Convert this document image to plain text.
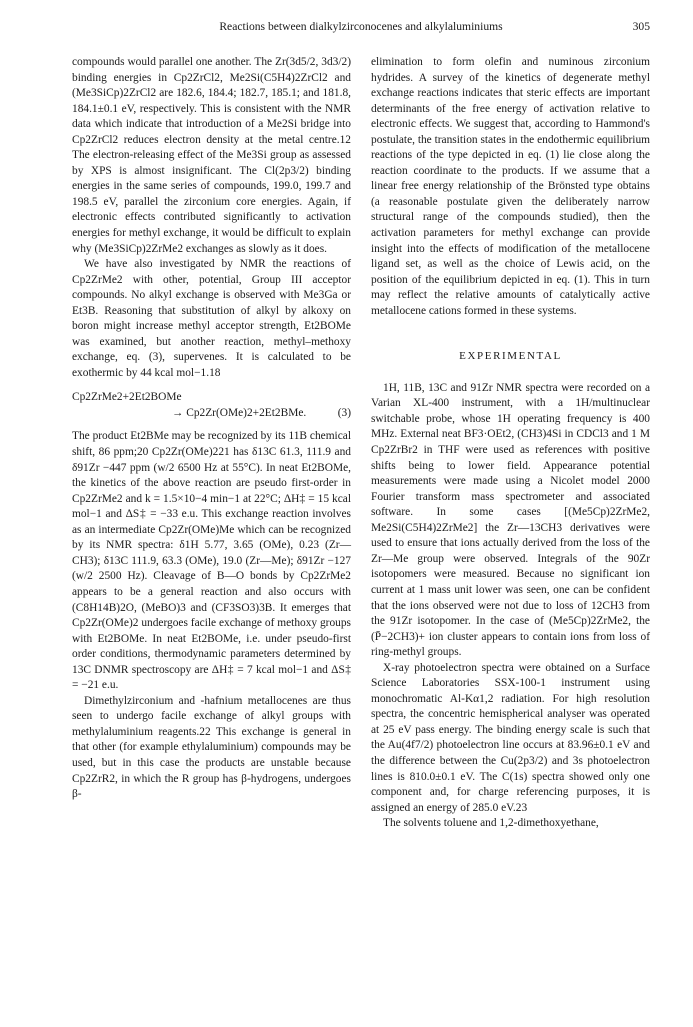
Reactions between dialkylzirconocenes and alkylaluminiums	305

compounds would parallel one another. The Zr(3d5/2, 3d3/2) binding energies in Cp2ZrCl2, Me2Si(C5H4)2ZrCl2 and (Me3SiCp)2ZrCl2 are 182.6, 184.4; 182.7, 185.1; and 181.8, 184.1±0.1 eV, respectively. This is consistent with the NMR data which indicate that introduction of a Me2Si bridge into Cp2ZrCl2 reduces electron density at the metal centre.12 The electron-releasing effect of the Me3Si group as assessed by XPS is almost insignificant. The Cl(2p3/2) binding energies in the same series of compounds, 199.0, 199.7 and 198.5 eV, parallel the zirconium core energies. Again, if electronic effects contributed significantly to activation energies for methyl exchange, it would be difficult to explain why (Me3SiCp)2ZrMe2 exchanges as slowly as it does.

We have also investigated by NMR the reactions of Cp2ZrMe2 with other, potential, Group III acceptor compounds. No alkyl exchange is observed with Me3Ga or Et3B. Reasoning that substitution of alkyl by alkoxy on boron might increase methyl acceptor strength, Et2BOMe was examined, but another reaction, methyl–methoxy exchange, eq. (3), supervenes. It is calculated to be exothermic by 44 kcal mol−1.18

Cp2ZrMe2+2Et2BOMe
→ Cp2Zr(OMe)2+2Et2BMe.	(3)

The product Et2BMe may be recognized by its 11B chemical shift, 86 ppm;20 Cp2Zr(OMe)221 has δ13C 61.3, 111.9 and δ91Zr −447 ppm (w/2 6500 Hz at 55°C). In neat Et2BOMe, the kinetics of the above reaction are pseudo first-order in Cp2ZrMe2 and k = 1.5×10−4 min−1 at 22°C; ΔH‡ = 15 kcal mol−1 and ΔS‡ = −33 e.u. This exchange reaction involves as an intermediate Cp2Zr(OMe)Me which can be recognized by its NMR spectra: δ1H 5.77, 3.65 (OMe), 0.23 (Zr—CH3); δ13C 111.9, 63.3 (OMe), 19.0 (Zr—Me); δ91Zr −127 (w/2 2500 Hz). Cleavage of B—O bonds by Cp2ZrMe2 appears to be a general reaction and also occurs with (C8H14B)2O, (MeBO)3 and (CF3SO3)3B. It emerges that Cp2Zr(OMe)2 undergoes facile exchange of methoxy groups with Et2BOMe. In neat Et2BOMe, i.e. under pseudo-first order conditions, thermodynamic parameters determined by 13C DNMR spectroscopy are ΔH‡ = 7 kcal mol−1 and ΔS‡ = −21 e.u.

Dimethylzirconium and -hafnium metallocenes are thus seen to undergo facile exchange of alkyl groups with methylaluminium reagents.22 This exchange is general in that other (for example ethylaluminium) compounds may be used, but in this case the products are unstable because Cp2ZrR2, in which the R group has β-hydrogens, undergoes β-

elimination to form olefin and numinous zirconium hydrides. A survey of the kinetics of degenerate methyl exchange reactions indicates that steric effects are important determinants of the free energy of activation relative to electronic effects. We suggest that, according to Hammond's postulate, the transition states in the endothermic equilibrium reactions of the type depicted in eq. (1) lie close along the reaction coordinate to the products. If we assume that a linear free energy relationship of the Brönsted type obtains (a reasonable postulate given the deliberately narrow structural range of the compounds studied), then the activation parameters for methyl exchange can provide insight into the effects of modification of the metallocene ligand set, as well as the choice of Lewis acid, on the position of the equilibrium depicted in eq. (1). This in turn may reflect the relative amounts of catalytically active metallocene cations formed in these systems.

EXPERIMENTAL

1H, 11B, 13C and 91Zr NMR spectra were recorded on a Varian XL-400 instrument, with a 1H/multinuclear switchable probe, whose 1H operating frequency is 400 MHz. External neat BF3·OEt2, (CH3)4Si in CDCl3 and 1 M Cp2ZrBr2 in THF were used as references with positive shifts being to lower field. Appearance potential measurements were made using a Nicolet model 2000 Fourier transform mass spectrometer and associated software. In some cases [(Me5Cp)2ZrMe2, Me2Si(C5H4)2ZrMe2] the Zr—13CH3 derivatives were used to ensure that ions actually derived from the loss of the Zr—Me group were observed. Integrals of the 90Zr isotopomers were measured. Because no significant ion current at 1 mass unit lower was seen, one can be confident that the ions observed were not due to loss of 12CH3 from the 91Zr isotopomer. In the case of (Me5Cp)2ZrMe2, the (P̄−2CH3)+ ion cluster appears to contain ions from loss of ring-methyl groups.

X-ray photoelectron spectra were obtained on a Surface Science Laboratories SSX-100-1 instrument using monochromatic Al-Kα1,2 radiation. For high resolution spectra, the concentric hemispherical analyser was operated at 25 eV pass energy. The binding energy scale is such that the Au(4f7/2) photoelectron line occurs at 83.96±0.1 eV and the difference between the Cu(2p3/2) and 3s photoelectron lines is 810.0±0.1 eV. The C(1s) spectra showed only one component and, for charge referencing purposes, it is assigned an energy of 285.0 eV.23

The solvents toluene and 1,2-dimethoxyethane,
